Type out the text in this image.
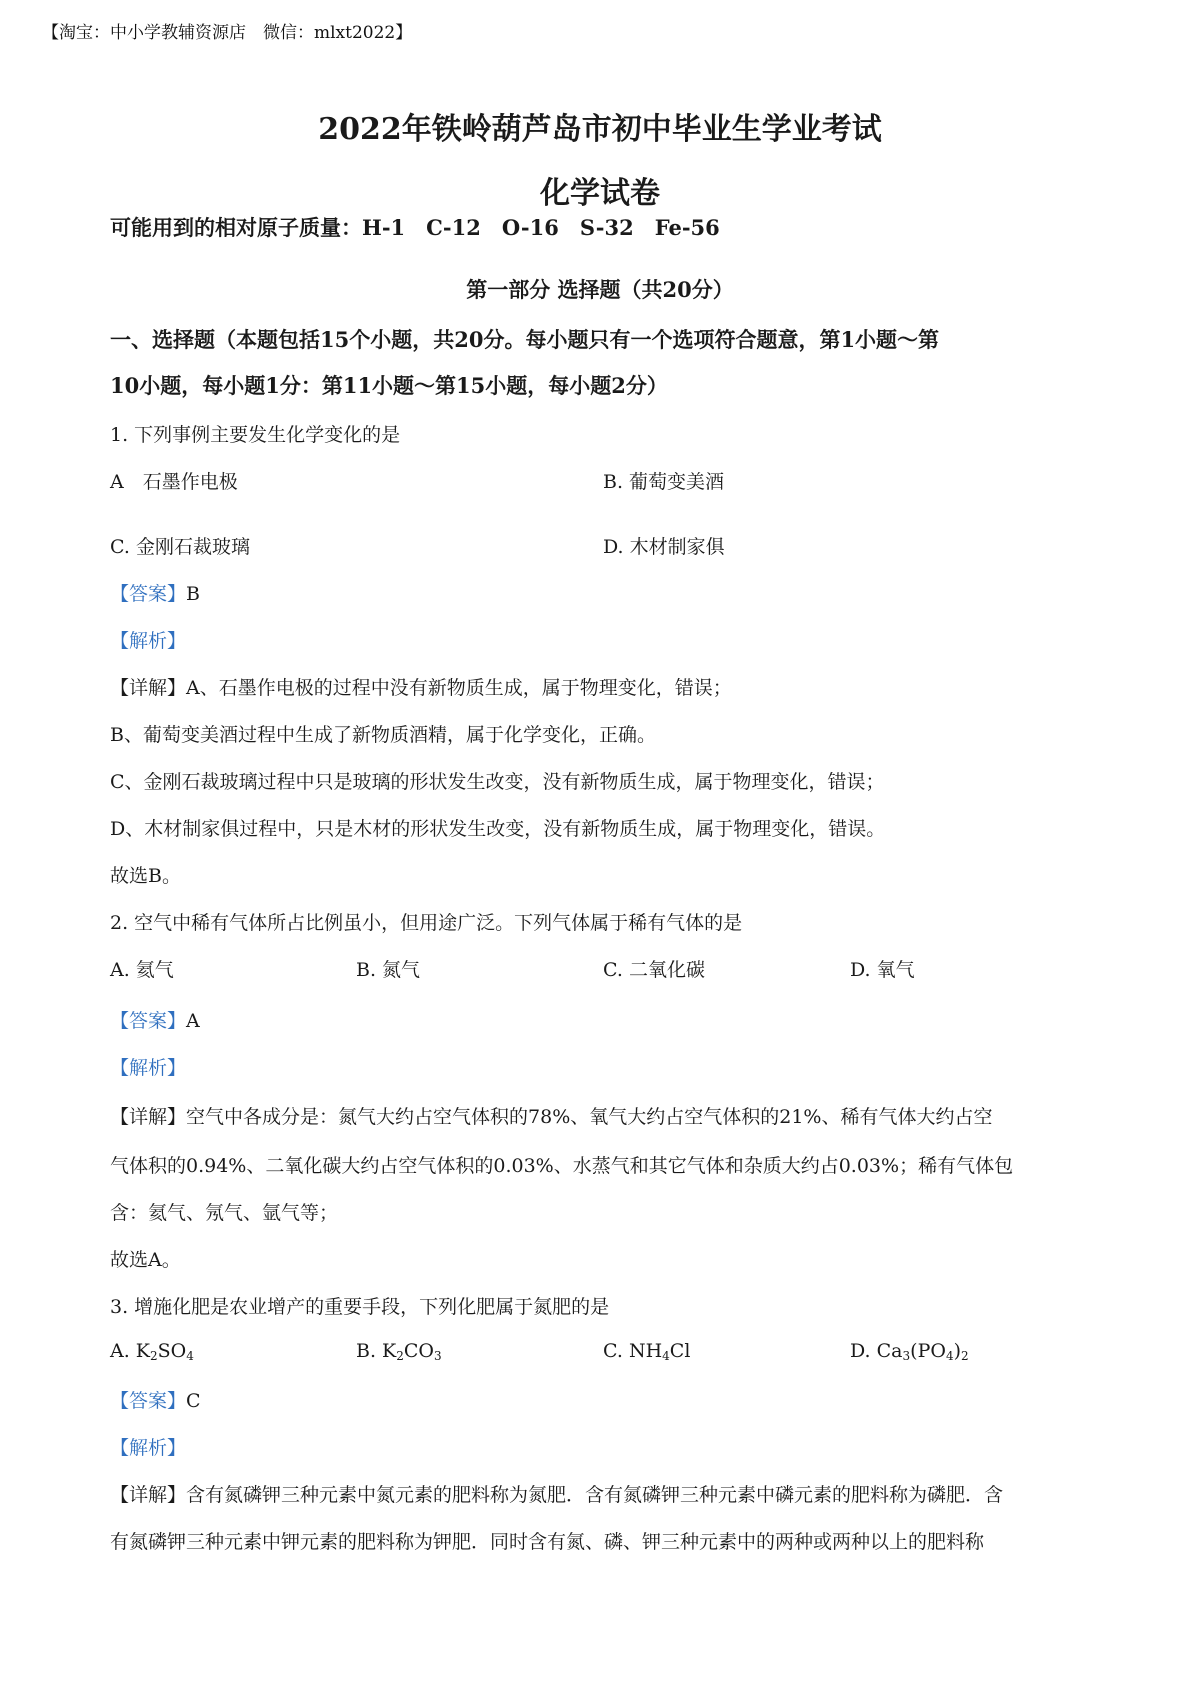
【淘宝：中小学教辅资源店　微信：mlxt2022】
2022年铁岭葫芦岛市初中毕业生学业考试
化学试卷
可能用到的相对原子质量：H-1　C-12　O-16　S-32　Fe-56
第一部分 选择题（共20分）
一、选择题（本题包括15个小题，共20分。每小题只有一个选项符合题意，第1小题～第
10小题，每小题1分：第11小题～第15小题，每小题2分）
1. 下列事例主要发生化学变化的是
A　石墨作电极	B. 葡萄变美酒
C. 金刚石裁玻璃	D. 木材制家俱
【答案】B
【解析】
【详解】A、石墨作电极的过程中没有新物质生成，属于物理变化，错误；
B、葡萄变美酒过程中生成了新物质酒精，属于化学变化，正确。
C、金刚石裁玻璃过程中只是玻璃的形状发生改变，没有新物质生成，属于物理变化，错误；
D、木材制家俱过程中，只是木材的形状发生改变，没有新物质生成，属于物理变化，错误。
故选B。
2. 空气中稀有气体所占比例虽小，但用途广泛。下列气体属于稀有气体的是
A. 氦气	B. 氮气	C. 二氧化碳	D. 氧气
【答案】A
【解析】
【详解】空气中各成分是：氮气大约占空气体积的78%、氧气大约占空气体积的21%、稀有气体大约占空
气体积的0.94%、二氧化碳大约占空气体积的0.03%、水蒸气和其它气体和杂质大约占0.03%；稀有气体包
含：氦气、氖气、氩气等；
故选A。
3. 增施化肥是农业增产的重要手段，下列化肥属于氮肥的是
A. $K_2SO_4$	B. $K_2CO_3$	C. $NH_4Cl$	D. $Ca_3(PO_4)_2$
【答案】C
【解析】
【详解】含有氮磷钾三种元素中氮元素的肥料称为氮肥．含有氮磷钾三种元素中磷元素的肥料称为磷肥．含
有氮磷钾三种元素中钾元素的肥料称为钾肥．同时含有氮、磷、钾三种元素中的两种或两种以上的肥料称
